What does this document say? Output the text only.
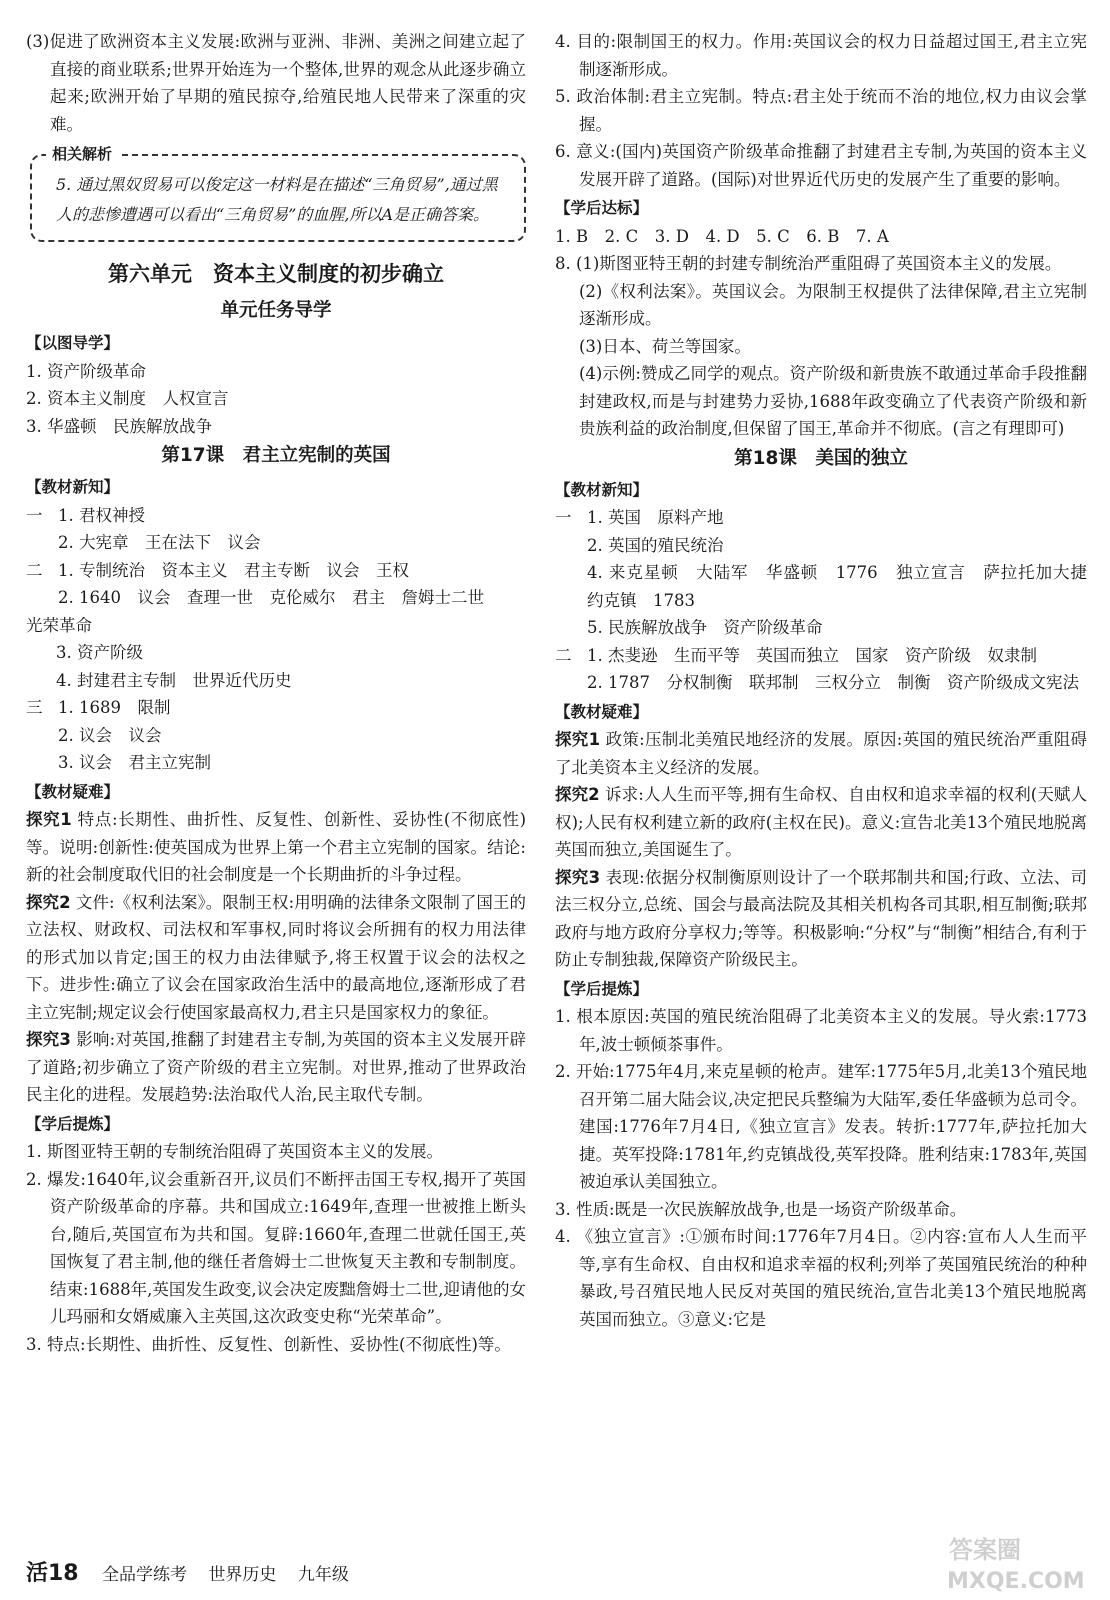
(3)促进了欧洲资本主义发展:欧洲与亚洲、非洲、美洲之间建立起了直接的商业联系;世界开始连为一个整体,世界的观念从此逐步确立起来;欧洲开始了早期的殖民掠夺,给殖民地人民带来了深重的灾难。

相关解析
5. 通过黑奴贸易可以俊定这一材料是在描述“三角贸易”,通过黑人的悲惨遭遇可以看出“三角贸易”的血腥,所以A是正确答案。
第六单元　资本主义制度的初步确立
单元任务导学
【以图导学】
1. 资产阶级革命
2. 资本主义制度　人权宣言
3. 华盛顿　民族解放战争
第17课　君主立宪制的英国
【教材新知】
一 1. 君权神授
2. 大宪章　王在法下　议会
二 1. 专制统治　资本主义　君主专断　议会　王权
2. 1640　议会　查理一世　克伦威尔　君主　詹姆士二世
光荣革命
3. 资产阶级
4. 封建君主专制　世界近代历史
三 1. 1689　限制
2. 议会　议会
3. 议会　君主立宪制
【教材疑难】

探究1 特点:长期性、曲折性、反复性、创新性、妥协性(不彻底性)等。说明:创新性:使英国成为世界上第一个君主立宪制的国家。结论:新的社会制度取代旧的社会制度是一个长期曲折的斗争过程。

探究2 文件:《权利法案》。限制王权:用明确的法律条文限制了国王的立法权、财政权、司法权和军事权,同时将议会所拥有的权力用法律的形式加以肯定;国王的权力由法律赋予,将王权置于议会的法权之下。进步性:确立了议会在国家政治生活中的最高地位,逐渐形成了君主立宪制;规定议会行使国家最高权力,君主只是国家权力的象征。

探究3 影响:对英国,推翻了封建君主专制,为英国的资本主义发展开辟了道路;初步确立了资产阶级的君主立宪制。对世界,推动了世界政治民主化的进程。发展趋势:法治取代人治,民主取代专制。

【学后提炼】

1. 斯图亚特王朝的专制统治阻碍了英国资本主义的发展。

2. 爆发:1640年,议会重新召开,议员们不断抨击国王专权,揭开了英国资产阶级革命的序幕。共和国成立:1649年,查理一世被推上断头台,随后,英国宣布为共和国。复辟:1660年,查理二世就任国王,英国恢复了君主制,他的继任者詹姆士二世恢复天主教和专制制度。结束:1688年,英国发生政变,议会决定废黜詹姆士二世,迎请他的女儿玛丽和女婿威廉入主英国,这次政变史称“光荣革命”。

3. 特点:长期性、曲折性、反复性、创新性、妥协性(不彻底性)等。

4. 目的:限制国王的权力。作用:英国议会的权力日益超过国王,君主立宪制逐渐形成。

5. 政治体制:君主立宪制。特点:君主处于统而不治的地位,权力由议会掌握。

6. 意义:(国内)英国资产阶级革命推翻了封建君主专制,为英国的资本主义发展开辟了道路。(国际)对世界近代历史的发展产生了重要的影响。

【学后达标】
1. B　2. C　3. D　4. D　5. C　6. B　7. A

8. (1)斯图亚特王朝的封建专制统治严重阻碍了英国资本主义的发展。

(2)《权利法案》。英国议会。为限制王权提供了法律保障,君主立宪制逐渐形成。

(3)日本、荷兰等国家。

(4)示例:赞成乙同学的观点。资产阶级和新贵族不敢通过革命手段推翻封建政权,而是与封建势力妥协,1688年政变确立了代表资产阶级和新贵族利益的政治制度,但保留了国王,革命并不彻底。(言之有理即可)

第18课　美国的独立
【教材新知】
一 1. 英国　原料产地
2. 英国的殖民统治
4. 来克星顿　大陆军　华盛顿　1776　独立宣言　萨拉托加大捷　约克镇　1783
5. 民族解放战争　资产阶级革命
二 1. 杰斐逊　生而平等　英国而独立　国家　资产阶级　奴隶制
2. 1787　分权制衡　联邦制　三权分立　制衡　资产阶级成文宪法
【教材疑难】

探究1 政策:压制北美殖民地经济的发展。原因:英国的殖民统治严重阻碍了北美资本主义经济的发展。

探究2 诉求:人人生而平等,拥有生命权、自由权和追求幸福的权利(天赋人权);人民有权利建立新的政府(主权在民)。意义:宣告北美13个殖民地脱离英国而独立,美国诞生了。

探究3 表现:依据分权制衡原则设计了一个联邦制共和国;行政、立法、司法三权分立,总统、国会与最高法院及其相关机构各司其职,相互制衡;联邦政府与地方政府分享权力;等等。积极影响:“分权”与“制衡”相结合,有利于防止专制独裁,保障资产阶级民主。

【学后提炼】

1. 根本原因:英国的殖民统治阻碍了北美资本主义的发展。导火索:1773年,波士顿倾茶事件。

2. 开始:1775年4月,来克星顿的枪声。建军:1775年5月,北美13个殖民地召开第二届大陆会议,决定把民兵整编为大陆军,委任华盛顿为总司令。建国:1776年7月4日,《独立宣言》发表。转折:1777年,萨拉托加大捷。英军投降:1781年,约克镇战役,英军投降。胜利结束:1783年,英国被迫承认美国独立。

3. 性质:既是一次民族解放战争,也是一场资产阶级革命。

4. 《独立宣言》:①颁布时间:1776年7月4日。②内容:宣布人人生而平等,享有生命权、自由权和追求幸福的权利;列举了英国殖民统治的种种暴政,号召殖民地人民反对英国的殖民统治,宣告北美13个殖民地脱离英国而独立。③意义:它是

活18 全品学练考 世界历史 九年级
答案圈
MXQE.COM
